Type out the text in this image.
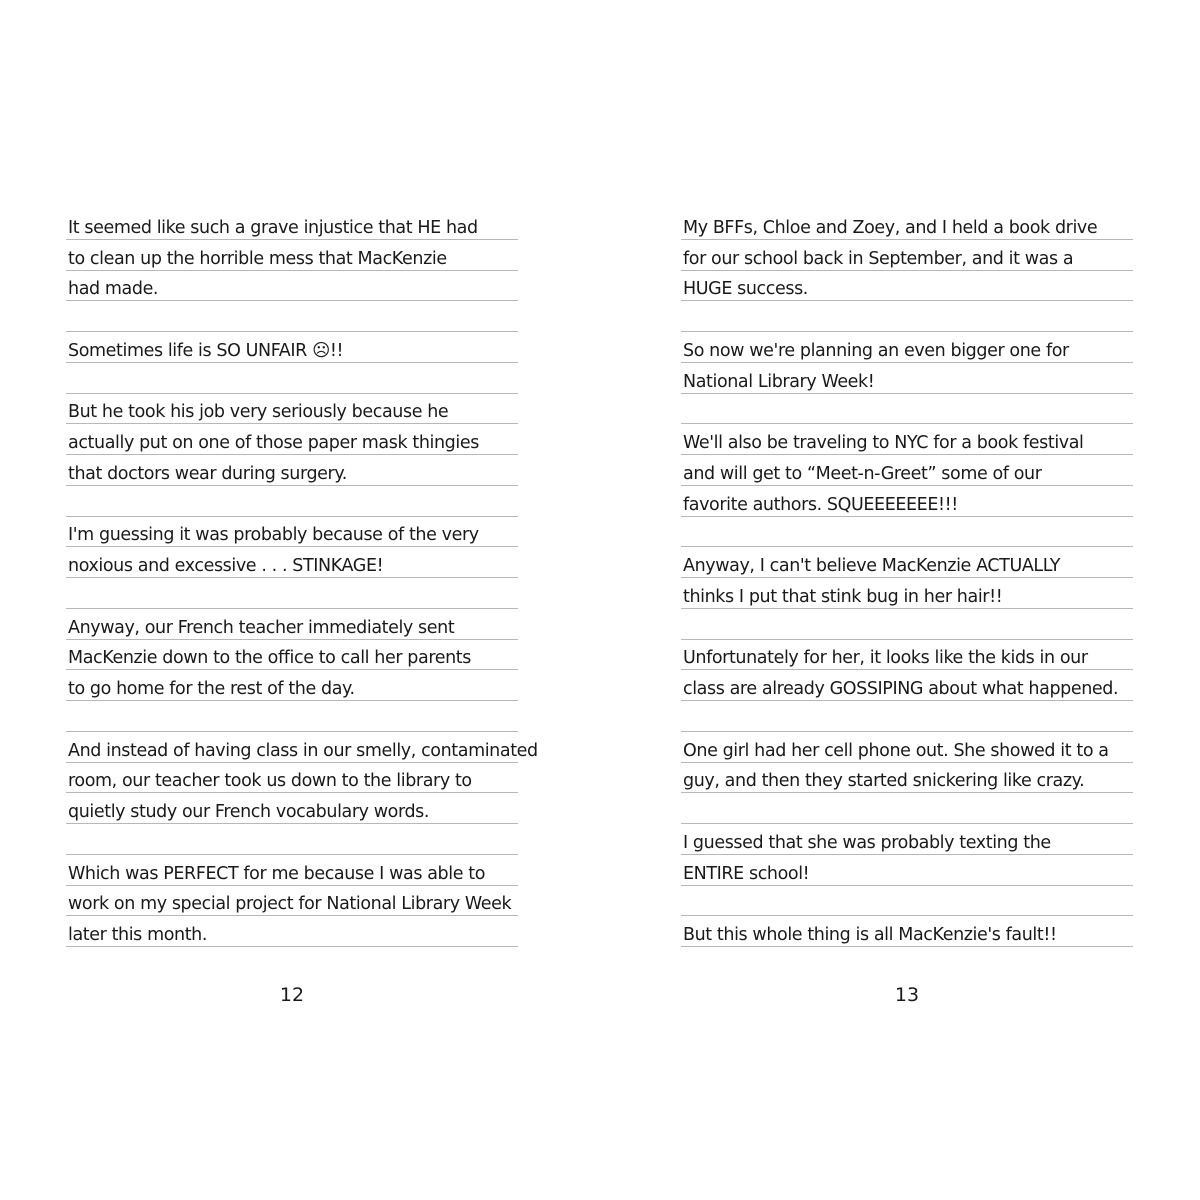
It seemed like such a grave injustice that HE had
to clean up the horrible mess that MacKenzie
had made.
Sometimes life is SO UNFAIR ☹!!
But he took his job very seriously because he
actually put on one of those paper mask thingies
that doctors wear during surgery.
I'm guessing it was probably because of the very
noxious and excessive . . . STINKAGE!
Anyway, our French teacher immediately sent
MacKenzie down to the office to call her parents
to go home for the rest of the day.
And instead of having class in our smelly, contaminated
room, our teacher took us down to the library to
quietly study our French vocabulary words.
Which was PERFECT for me because I was able to
work on my special project for National Library Week
later this month.
My BFFs, Chloe and Zoey, and I held a book drive
for our school back in September, and it was a
HUGE success.
So now we're planning an even bigger one for
National Library Week!
We'll also be traveling to NYC for a book festival
and will get to “Meet-n-Greet” some of our
favorite authors. SQUEEEEEEE!!!
Anyway, I can't believe MacKenzie ACTUALLY
thinks I put that stink bug in her hair!!
Unfortunately for her, it looks like the kids in our
class are already GOSSIPING about what happened.
One girl had her cell phone out. She showed it to a
guy, and then they started snickering like crazy.
I guessed that she was probably texting the
ENTIRE school!
But this whole thing is all MacKenzie's fault!!
12	13
